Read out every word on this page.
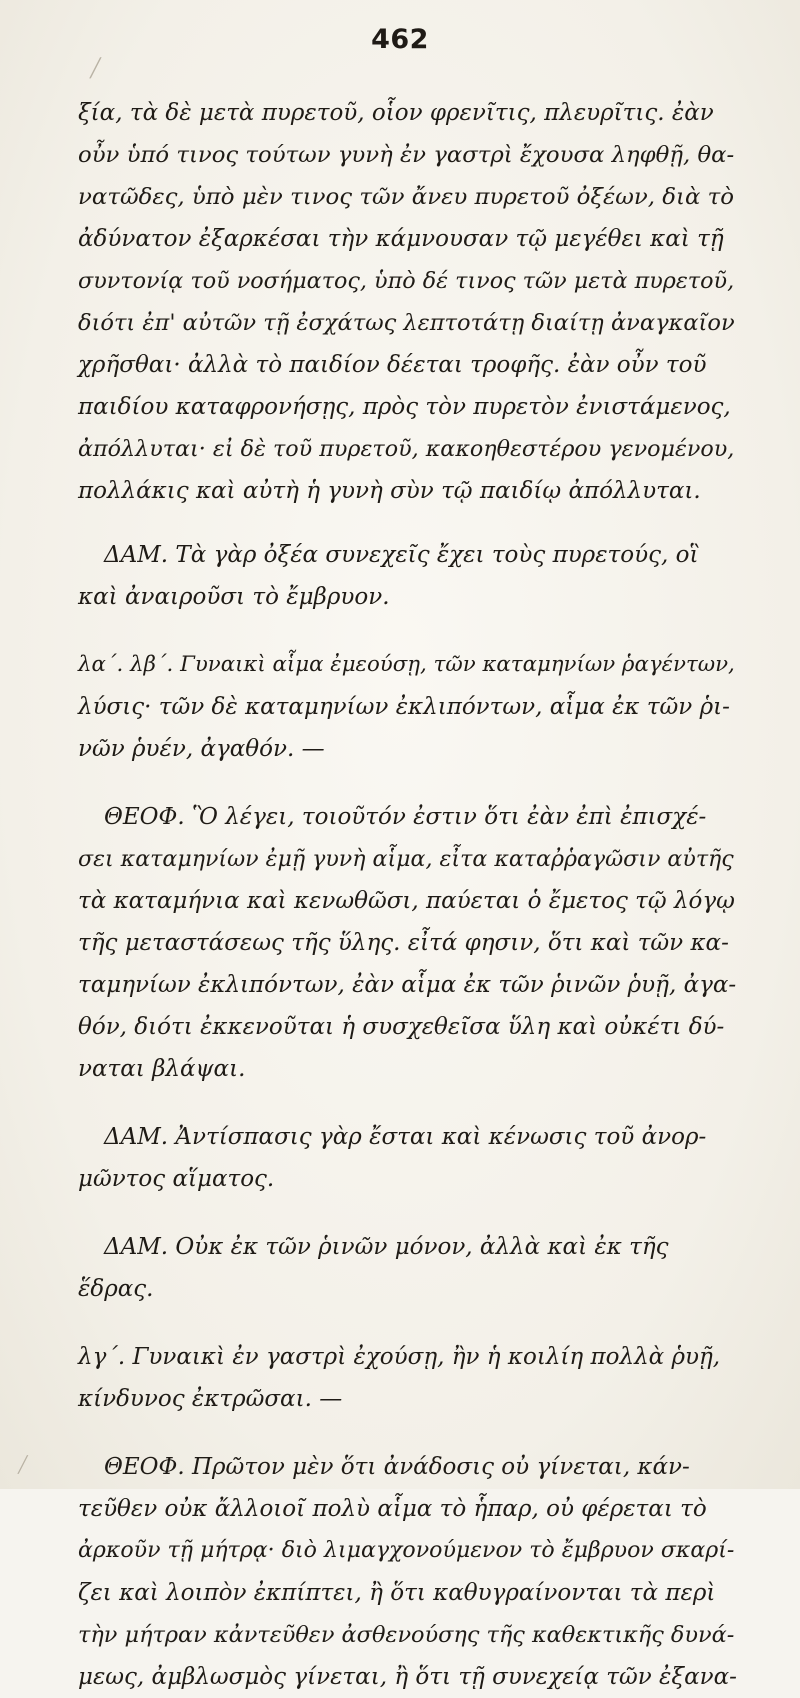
462
╱

ξία, τὰ δὲ μετὰ πυρετοῦ, οἷον φρενῖτις, πλευρῖτις. ἐὰν
οὖν ὑπό τινος τούτων γυνὴ ἐν γαστρὶ ἔχουσα ληφθῇ, θα-
νατῶδες, ὑπὸ μὲν τινος τῶν ἄνευ πυρετοῦ ὀξέων, διὰ τὸ
ἀδύνατον ἐξαρκέσαι τὴν κάμνουσαν τῷ μεγέθει καὶ τῇ
συντονίᾳ τοῦ νοσήματος, ὑπὸ δέ τινος τῶν μετὰ πυρετοῦ,
διότι ἐπ' αὐτῶν τῇ ἐσχάτως λεπτοτάτῃ διαίτῃ ἀναγκαῖον
χρῆσθαι· ἀλλὰ τὸ παιδίον δέεται τροφῆς. ἐὰν οὖν τοῦ
παιδίου καταφρονήσῃς, πρὸς τὸν πυρετὸν ἐνιστάμενος,
ἀπόλλυται· εἰ δὲ τοῦ πυρετοῦ, κακοηθεστέρου γενομένου,
πολλάκις καὶ αὐτὴ ἡ γυνὴ σὺν τῷ παιδίῳ ἀπόλλυται.

ΔΑΜ. Τὰ γὰρ ὀξέα συνεχεῖς ἔχει τοὺς πυρετούς, οἳ
καὶ ἀναιροῦσι τὸ ἔμβρυον.

λα΄. λβ΄. Γυναικὶ αἷμα ἐμεούσῃ, τῶν καταμηνίων ῥαγέντων,
λύσις· τῶν δὲ καταμηνίων ἐκλιπόντων, αἷμα ἐκ τῶν ῥι-
νῶν ῥυέν, ἀγαθόν. —

ΘΕΟΦ. Ὃ λέγει, τοιοῦτόν ἐστιν ὅτι ἐὰν ἐπὶ ἐπισχέ-
σει καταμηνίων ἐμῇ γυνὴ αἷμα, εἶτα καταῤῥαγῶσιν αὐτῆς
τὰ καταμήνια καὶ κενωθῶσι, παύεται ὁ ἔμετος τῷ λόγῳ
τῆς μεταστάσεως τῆς ὕλης. εἶτά φησιν, ὅτι καὶ τῶν κα-
ταμηνίων ἐκλιπόντων, ἐὰν αἷμα ἐκ τῶν ῥινῶν ῥυῇ, ἀγα-
θόν, διότι ἐκκενοῦται ἡ συσχεθεῖσα ὕλη καὶ οὐκέτι δύ-
ναται βλάψαι.

ΔΑΜ. Ἀντίσπασις γὰρ ἔσται καὶ κένωσις τοῦ ἀνορ-
μῶντος αἵματος.

ΔΑΜ. Οὐκ ἐκ τῶν ῥινῶν μόνον, ἀλλὰ καὶ ἐκ τῆς
ἕδρας.

λγ΄. Γυναικὶ ἐν γαστρὶ ἐχούσῃ, ἢν ἡ κοιλίη πολλὰ ῥυῇ,
κίνδυνος ἐκτρῶσαι. —

ΘΕΟΦ. Πρῶτον μὲν ὅτι ἀνάδοσις οὐ γίνεται, κάν-
τεῦθεν οὐκ ἄλλοιοῖ πολὺ αἷμα τὸ ἧπαρ, οὐ φέρεται τὸ
ἀρκοῦν τῇ μήτρᾳ· διὸ λιμαγχονούμενον τὸ ἔμβρυον σκαρί-
ζει καὶ λοιπὸν ἐκπίπτει, ἢ ὅτι καθυγραίνονται τὰ περὶ
τὴν μήτραν κἀντεῦθεν ἀσθενούσης τῆς καθεκτικῆς δυνά-
μεως, ἀμβλωσμὸς γίνεται, ἢ ὅτι τῇ συνεχείᾳ τῶν ἐξανα-

╱
